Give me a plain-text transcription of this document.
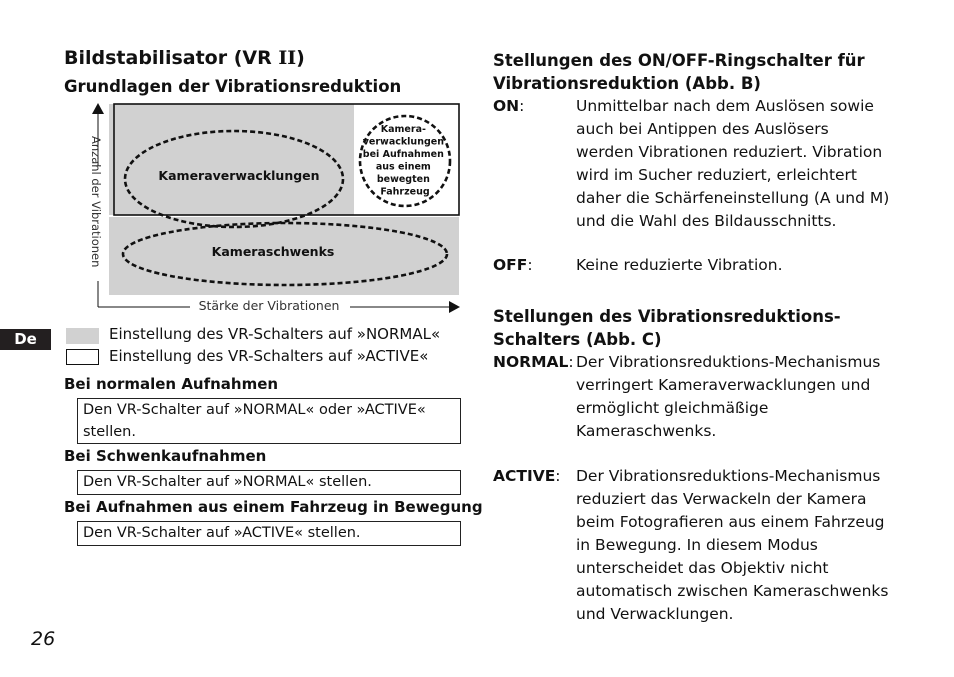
Bildstabilisator (VR II)
Grundlagen der Vibrationsreduktion
Kameraverwacklungen
Kameraschwenks
Kamera- verwacklungen bei Aufnahmen aus einem bewegten Fahrzeug
Anzahl der Vibrationen
Stärke der Vibrationen
Einstellung des VR-Schalters auf »NORMAL«
Einstellung des VR-Schalters auf »ACTIVE«
Bei normalen Aufnahmen
Den VR-Schalter auf »NORMAL« oder »ACTIVE« stellen.
Bei Schwenkaufnahmen
Den VR-Schalter auf »NORMAL« stellen.
Bei Aufnahmen aus einem Fahrzeug in Bewegung
Den VR-Schalter auf »ACTIVE« stellen.
De
26
Stellungen des ON/OFF-Ringschalter für Vibrationsreduktion (Abb. B)
ON:	Unmittelbar nach dem Auslösen sowie auch bei Antippen des Auslösers werden Vibrationen reduziert. Vibration wird im Sucher reduziert, erleichtert daher die Schärfeneinstellung (A und M) und die Wahl des Bildausschnitts.
OFF:	Keine reduzierte Vibration.
Stellungen des Vibrationsreduktions-Schalters (Abb. C)
NORMAL: Der Vibrationsreduktions-Mechanismus verringert Kameraverwacklungen und ermöglicht gleichmäßige Kameraschwenks.
ACTIVE: Der Vibrationsreduktions-Mechanismus reduziert das Verwackeln der Kamera beim Fotografieren aus einem Fahrzeug in Bewegung. In diesem Modus unterscheidet das Objektiv nicht automatisch zwischen Kameraschwenks und Verwacklungen.
